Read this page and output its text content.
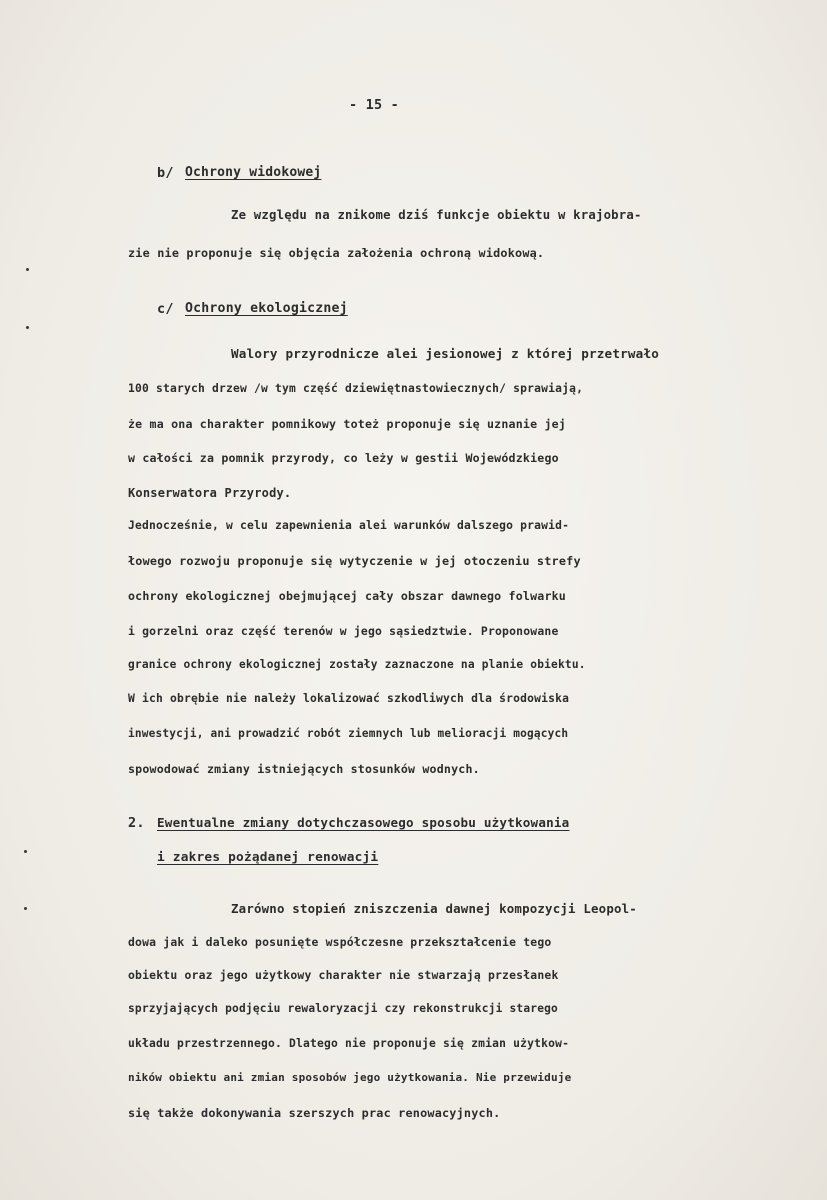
- 15 -
b/ Ochrony widokowej
Ze względu na znikome dziś funkcje obiektu w krajobra-
zie nie proponuje się objęcia założenia ochroną widokową.
c/ Ochrony ekologicznej
Walory przyrodnicze alei jesionowej z której przetrwało
100 starych drzew /w tym część dziewiętnastowiecznych/ sprawiają,
że ma ona charakter pomnikowy toteż proponuje się uznanie jej
w całości za pomnik przyrody, co leży w gestii Wojewódzkiego
Konserwatora Przyrody.
Jednocześnie, w celu zapewnienia alei warunków dalszego prawid-
łowego rozwoju proponuje się wytyczenie w jej otoczeniu strefy
ochrony ekologicznej obejmującej cały obszar dawnego folwarku
i gorzelni oraz część terenów w jego sąsiedztwie. Proponowane
granice ochrony ekologicznej zostały zaznaczone na planie obiektu.
W ich obrębie nie należy lokalizować szkodliwych dla środowiska
inwestycji, ani prowadzić robót ziemnych lub melioracji mogących
spowodować zmiany istniejących stosunków wodnych.
2. Ewentualne zmiany dotychczasowego sposobu użytkowania
i zakres pożądanej renowacji
Zarówno stopień zniszczenia dawnej kompozycji Leopol-
dowa jak i daleko posunięte współczesne przekształcenie tego
obiektu oraz jego użytkowy charakter nie stwarzają przesłanek
sprzyjających podjęciu rewaloryzacji czy rekonstrukcji starego
układu przestrzennego. Dlatego nie proponuje się zmian użytkow-
ników obiektu ani zmian sposobów jego użytkowania. Nie przewiduje
się także dokonywania szerszych prac renowacyjnych.
